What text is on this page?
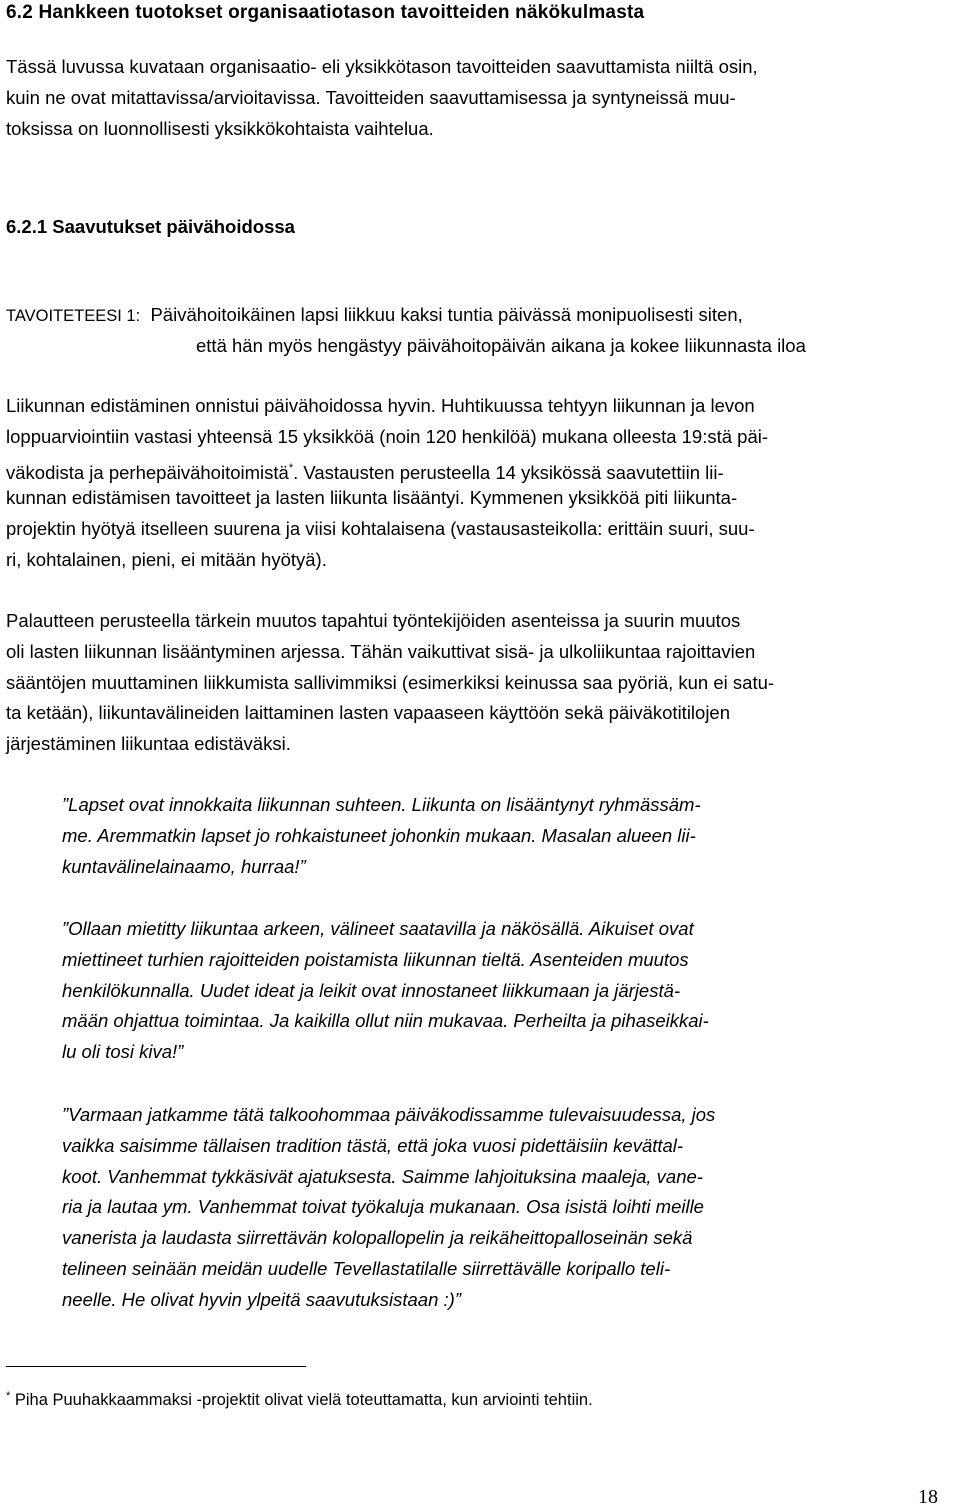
6.2 Hankkeen tuotokset organisaatiotason tavoitteiden näkökulmasta
Tässä luvussa kuvataan organisaatio- eli yksikkötason tavoitteiden saavuttamista niiltä osin,
kuin ne ovat mitattavissa/arvioitavissa. Tavoitteiden saavuttamisessa ja syntyneissä muu-
toksissa on luonnollisesti yksikkökohtaista vaihtelua.
6.2.1 Saavutukset päivähoidossa
TAVOITETEESI 1: Päivähoitoikäinen lapsi liikkuu kaksi tuntia päivässä monipuolisesti siten,
että hän myös hengästyy päivähoitopäivän aikana ja kokee liikunnasta iloa
Liikunnan edistäminen onnistui päivähoidossa hyvin. Huhtikuussa tehtyyn liikunnan ja levon
loppuarviointiin vastasi yhteensä 15 yksikköä (noin 120 henkilöä) mukana olleesta 19:stä päi-
väkodista ja perhepäivähoitoimistä*. Vastausten perusteella 14 yksikössä saavutettiin lii-
kunnan edistämisen tavoitteet ja lasten liikunta lisääntyi. Kymmenen yksikköä piti liikunta-
projektin hyötyä itselleen suurena ja viisi kohtalaisena (vastausasteikolla: erittäin suuri, suu-
ri, kohtalainen, pieni, ei mitään hyötyä).
Palautteen perusteella tärkein muutos tapahtui työntekijöiden asenteissa ja suurin muutos
oli lasten liikunnan lisääntyminen arjessa. Tähän vaikuttivat sisä- ja ulkoliikuntaa rajoittavien
sääntöjen muuttaminen liikkumista sallivimmiksi (esimerkiksi keinussa saa pyöriä, kun ei satu-
ta ketään), liikuntavälineiden laittaminen lasten vapaaseen käyttöön sekä päiväkotitilojen
järjestäminen liikuntaa edistäväksi.
”Lapset ovat innokkaita liikunnan suhteen. Liikunta on lisääntynyt ryhmässäm-
me. Aremmatkin lapset jo rohkaistuneet johonkin mukaan. Masalan alueen lii-
kuntavälinelainaamo, hurraa!”
”Ollaan mietitty liikuntaa arkeen, välineet saatavilla ja näkösällä. Aikuiset ovat
miettineet turhien rajoitteiden poistamista liikunnan tieltä. Asenteiden muutos
henkilökunnalla. Uudet ideat ja leikit ovat innostaneet liikkumaan ja järjestä-
mään ohjattua toimintaa. Ja kaikilla ollut niin mukavaa. Perheilta ja pihaseikkai-
lu oli tosi kiva!”
”Varmaan jatkamme tätä talkoohommaa päiväkodissamme tulevaisuudessa, jos
vaikka saisimme tällaisen tradition tästä, että joka vuosi pidettäisiin kevättal-
koot. Vanhemmat tykkäsivät ajatuksesta. Saimme lahjoituksina maaleja, vane-
ria ja lautaa ym. Vanhemmat toivat työkaluja mukanaan. Osa isistä loihti meille
vanerista ja laudasta siirrettävän kolopallopelin ja reikäheittopalloseinän sekä
telineen seinään meidän uudelle Tevellastatilalle siirrettävälle koripallo teli-
neelle. He olivat hyvin ylpeitä saavutuksistaan :)”

* Piha Puuhakkaammaksi -projektit olivat vielä toteuttamatta, kun arviointi tehtiin.

18
